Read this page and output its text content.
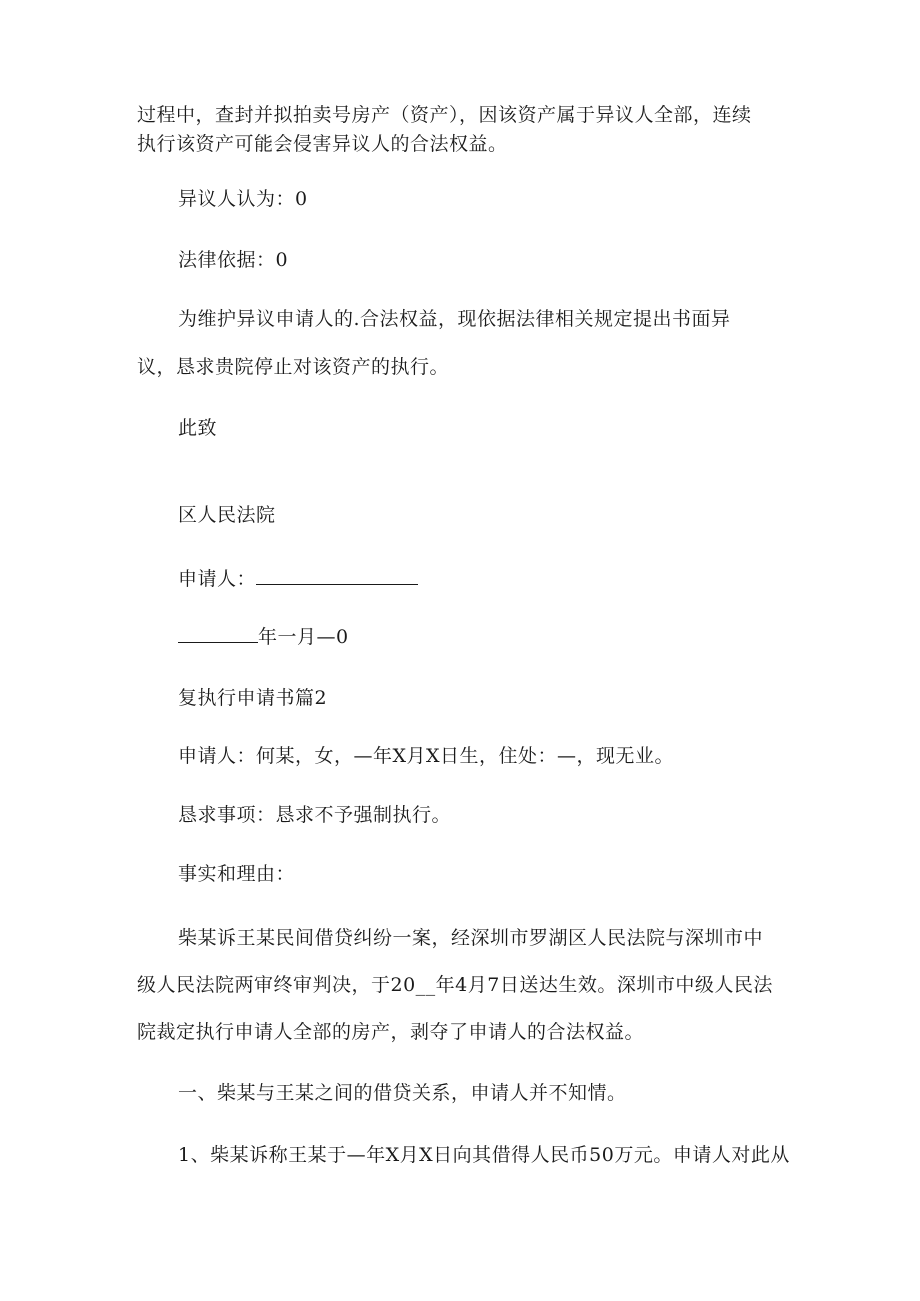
过程中，查封并拟拍卖号房产（资产），因该资产属于异议人全部，连续
执行该资产可能会侵害异议人的合法权益。
异议人认为：0
法律依据：0
为维护异议申请人的.合法权益，现依据法律相关规定提出书面异
议，恳求贵院停止对该资产的执行。
此致
区人民法院
申请人：
年一月—0
复执行申请书篇2
申请人：何某，女，—年X月X日生，住处：—，现无业。
恳求事项：恳求不予强制执行。
事实和理由：
柴某诉王某民间借贷纠纷一案，经深圳市罗湖区人民法院与深圳市中
级人民法院两审终审判决，于20__年4月7日送达生效。深圳市中级人民法
院裁定执行申请人全部的房产，剥夺了申请人的合法权益。
一、柴某与王某之间的借贷关系，申请人并不知情。
1、柴某诉称王某于—年X月X日向其借得人民币50万元。申请人对此从
